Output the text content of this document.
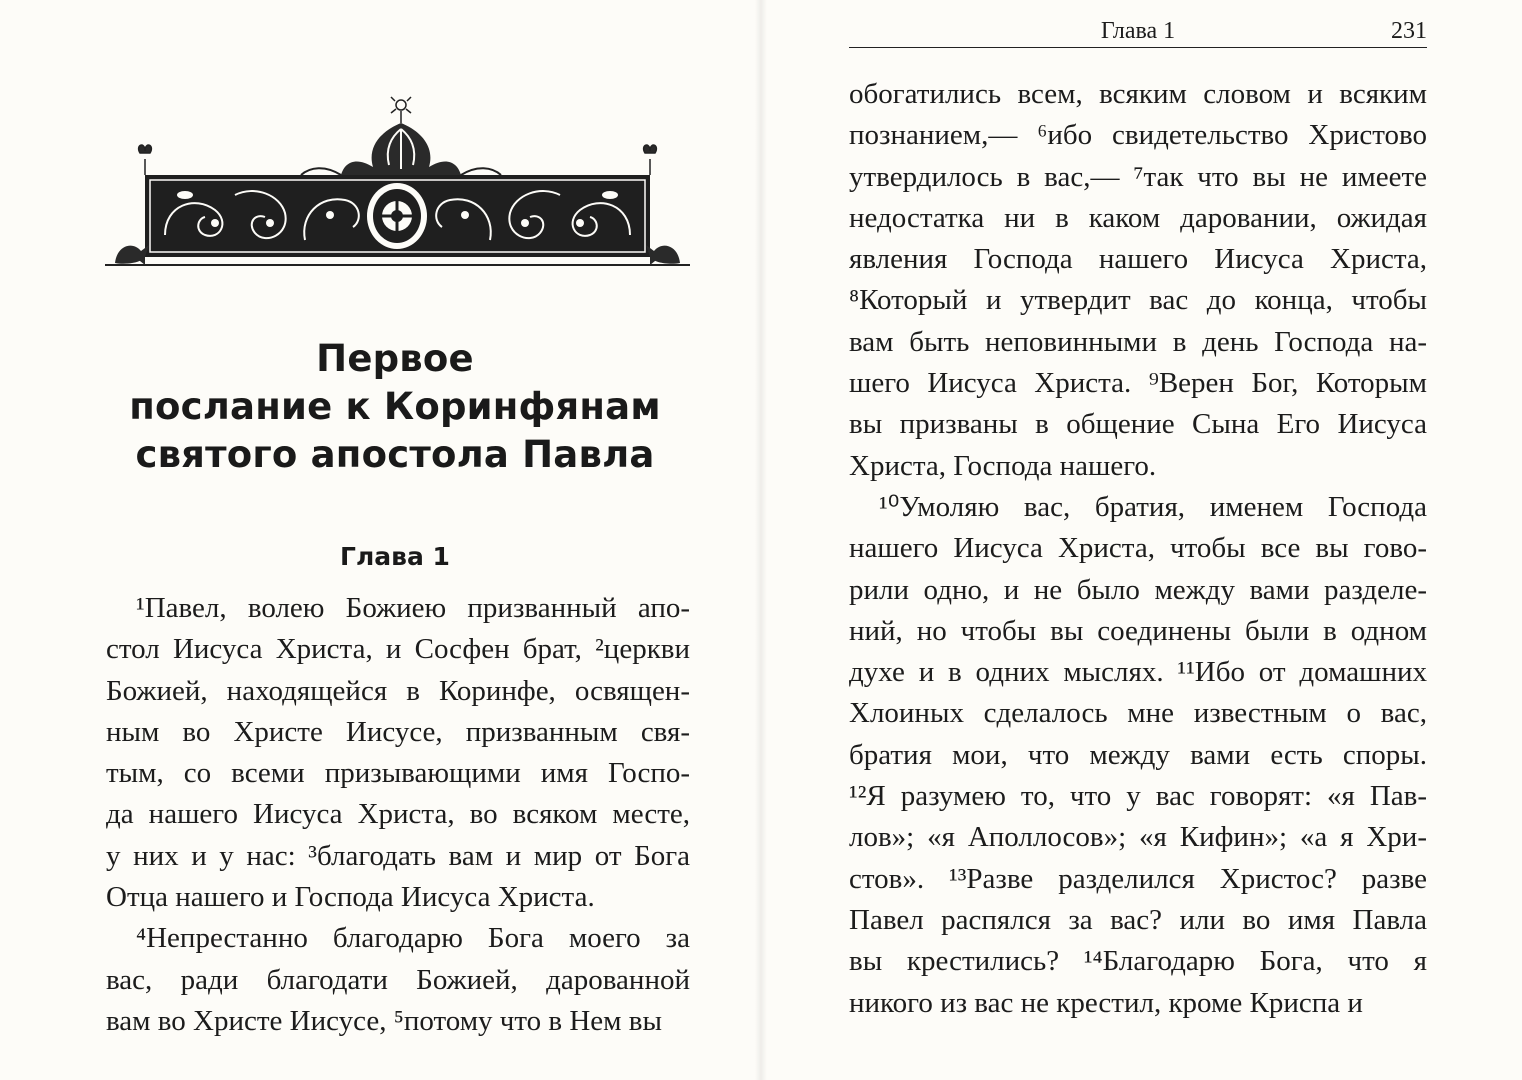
Первое
послание к Коринфянам
святого апостола Павла
Глава 1
¹Павел, волею Божиею призванный апо-
стол Иисуса Христа, и Сосфен брат, ²церкви
Божией, находящейся в Коринфе, освящен-
ным во Христе Иисусе, призванным свя-
тым, со всеми призывающими имя Госпо-
да нашего Иисуса Христа, во всяком месте,
у них и у нас: ³благодать вам и мир от Бога
Отца нашего и Господа Иисуса Христа.
⁴Непрестанно благодарю Бога моего за
вас, ради благодати Божией, дарованной
вам во Христе Иисусе, ⁵потому что в Нем вы
Глава 1	231
обогатились всем, всяким словом и всяким
познанием,— ⁶ибо свидетельство Христово
утвердилось в вас,— ⁷так что вы не имеете
недостатка ни в каком даровании, ожидая
явления Господа нашего Иисуса Христа,
⁸Который и утвердит вас до конца, чтобы
вам быть неповинными в день Господа на-
шего Иисуса Христа. ⁹Верен Бог, Которым
вы призваны в общение Сына Его Иисуса
Христа, Господа нашего.
¹⁰Умоляю вас, братия, именем Господа
нашего Иисуса Христа, чтобы все вы гово-
рили одно, и не было между вами разделе-
ний, но чтобы вы соединены были в одном
духе и в одних мыслях. ¹¹Ибо от домашних
Хлоиных сделалось мне известным о вас,
братия мои, что между вами есть споры.
¹²Я разумею то, что у вас говорят: «я Пав-
лов»; «я Аполлосов»; «я Кифин»; «а я Хри-
стов». ¹³Разве разделился Христос? разве
Павел распялся за вас? или во имя Павла
вы крестились? ¹⁴Благодарю Бога, что я
никого из вас не крестил, кроме Криспа и
